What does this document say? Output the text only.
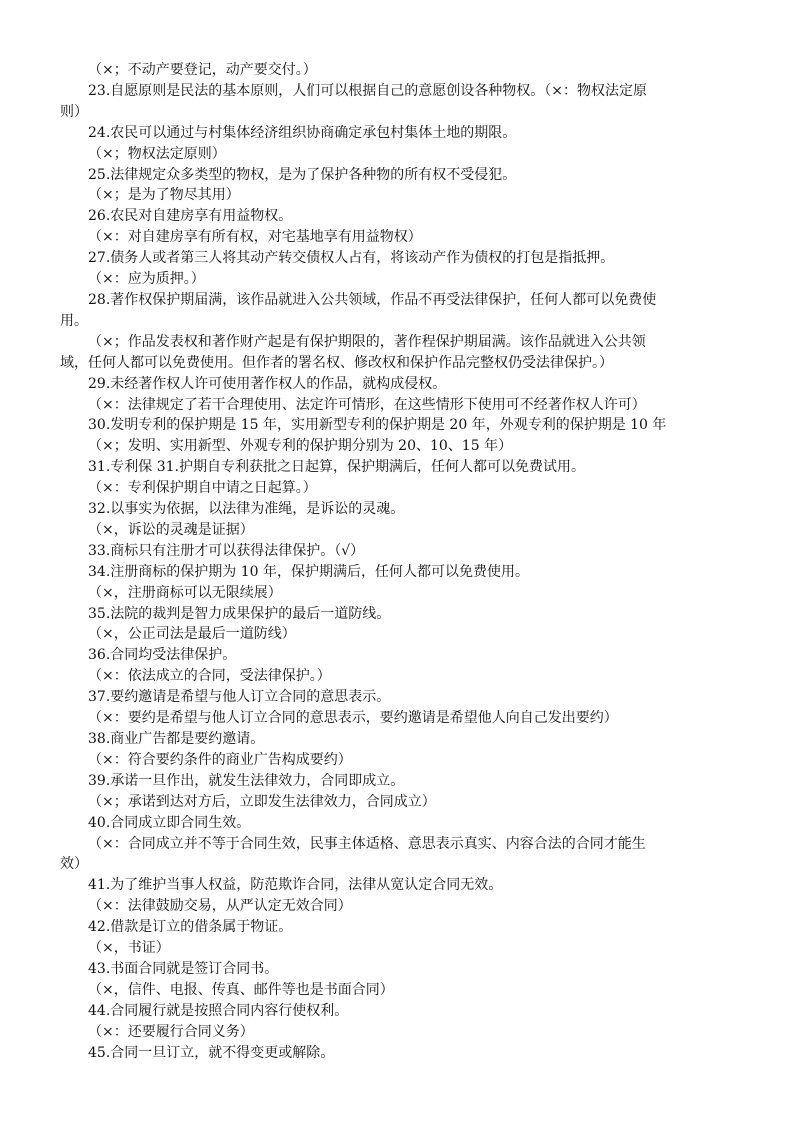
（×；不动产要登记，动产要交付。）
23.自愿原则是民法的基本原则，人们可以根据自己的意愿创设各种物权。（×：物权法定原
则）
24.农民可以通过与村集体经济组织协商确定承包村集体土地的期限。
（×；物权法定原则）
25.法律规定众多类型的物权，是为了保护各种物的所有权不受侵犯。
（×；是为了物尽其用）
26.农民对自建房享有用益物权。
（×：对自建房享有所有权，对宅基地享有用益物权）
27.债务人或者第三人将其动产转交债权人占有，将该动产作为债权的打包是指抵押。
（×：应为质押。）
28.著作权保护期届满，该作品就进入公共领域，作品不再受法律保护，任何人都可以免费使
用。
（×；作品发表权和著作财产起是有保护期限的，著作程保护期届满。该作品就进入公共领
域，任何人都可以免费使用。但作者的署名权、修改权和保护作品完整权仍受法律保护。）
29.未经著作权人许可使用著作权人的作品，就构成侵权。
（×：法律规定了若干合理使用、法定许可情形，在这些情形下使用可不经著作权人许可）
30.发明专利的保护期是 15 年，实用新型专利的保护期是 20 年，外观专利的保护期是 10 年
（×；发明、实用新型、外观专利的保护期分别为 20、10、15 年）
31.专利保 31.护期自专利获批之日起算，保护期满后，任何人都可以免费试用。
（×：专利保护期自中请之日起算。）
32.以事实为依据，以法律为准绳，是诉讼的灵魂。
（×，诉讼的灵魂是证据）
33.商标只有注册才可以获得法律保护。（√）
34.注册商标的保护期为 10 年，保护期满后，任何人都可以免费使用。
（×，注册商标可以无限续展）
35.法院的裁判是智力成果保护的最后一道防线。
（×，公正司法是最后一道防线）
36.合同均受法律保护。
（×：依法成立的合同，受法律保护。）
37.要约邀请是希望与他人订立合同的意思表示。
（×：要约是希望与他人订立合同的意思表示，要约邀请是希望他人向自己发出要约）
38.商业广告都是要约邀请。
（×：符合要约条件的商业广告构成要约）
39.承诺一旦作出，就发生法律效力，合同即成立。
（×；承诺到达对方后，立即发生法律效力，合同成立）
40.合同成立即合同生效。
（×：合同成立并不等于合同生效，民事主体适格、意思表示真实、内容合法的合同才能生
效）
41.为了维护当事人权益，防范欺诈合同，法律从宽认定合同无效。
（×：法律鼓励交易，从严认定无效合同）
42.借款是订立的借条属于物证。
（×，书证）
43.书面合同就是签订合同书。
（×，信件、电报、传真、邮件等也是书面合同）
44.合同履行就是按照合同内容行使权利。
（×：还要履行合同义务）
45.合同一旦订立，就不得变更或解除。
